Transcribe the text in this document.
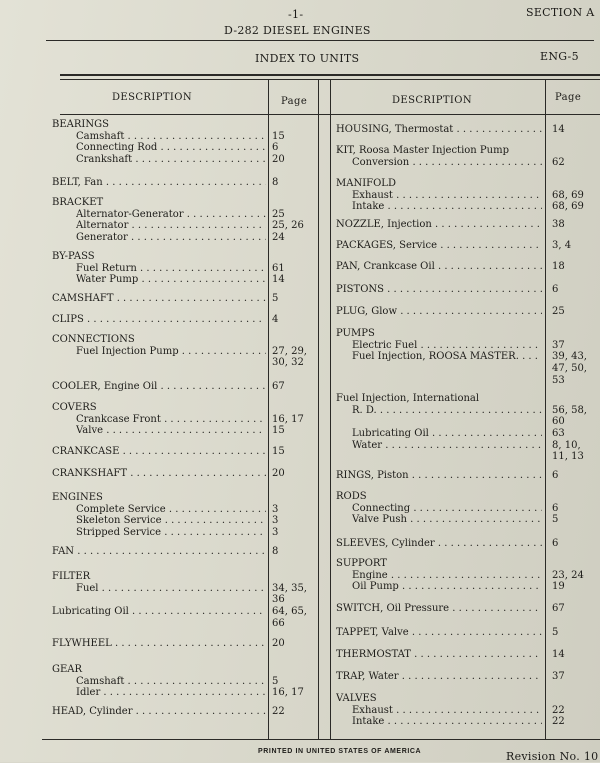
-1-	SECTION A
D-282 DIESEL ENGINES
INDEX TO UNITS	ENG-5
DESCRIPTION	Page	DESCRIPTION	Page
BEARINGS
Camshaft . . .	15
Connecting Rod . . .	6
Crankshaft . . .	20
BELT, Fan . . .	8
BRACKET
Alternator-Generator . . .	25
Alternator . . .	25, 26
Generator . . .	24
BY-PASS
Fuel Return . . .	61
Water Pump . . .	14
CAMSHAFT . . .	5
CLIPS . . .	4
CONNECTIONS
Fuel Injection Pump . . .	27, 29,
30, 32
COOLER, Engine Oil . . .	67
COVERS
Crankcase Front . . .	16, 17
Valve . . .	15
CRANKCASE . . .	15
CRANKSHAFT . . .	20
ENGINES
Complete Service . . .	3
Skeleton Service . . .	3
Stripped Service . . .	3
FAN . . .	8
FILTER
Fuel . . .	34, 35,
36
Lubricating Oil . . .	64, 65,
66
FLYWHEEL . . .	20
GEAR
Camshaft . . .	5
Idler . . .	16, 17
HEAD, Cylinder . . .	22
HOUSING, Thermostat . . .	14
KIT, Roosa Master Injection Pump
Conversion . . .	62
MANIFOLD
Exhaust . . .	68, 69
Intake . . .	68, 69
NOZZLE, Injection . . .	38
PACKAGES, Service . . .	3, 4
PAN, Crankcase Oil . . .	18
PISTONS . . .	6
PLUG, Glow . . .	25
PUMPS
Electric Fuel . . .	37
Fuel Injection, ROOSA MASTER. . . .	39, 43,
47, 50,
53
Fuel Injection, International
R. D. . . .	56, 58,
60
Lubricating Oil . . .	63
Water . . .	8, 10,
11, 13
RINGS, Piston . . .	6
RODS
Connecting . . .	6
Valve Push . . .	5
SLEEVES, Cylinder . . .	6
SUPPORT
Engine . . .	23, 24
Oil Pump . . .	19
SWITCH, Oil Pressure . . .	67
TAPPET, Valve . . .	5
THERMOSTAT . . .	14
TRAP, Water . . .	37
VALVES
Exhaust . . .	22
Intake . . .	22
PRINTED IN UNITED STATES OF AMERICA	Revision No. 10
